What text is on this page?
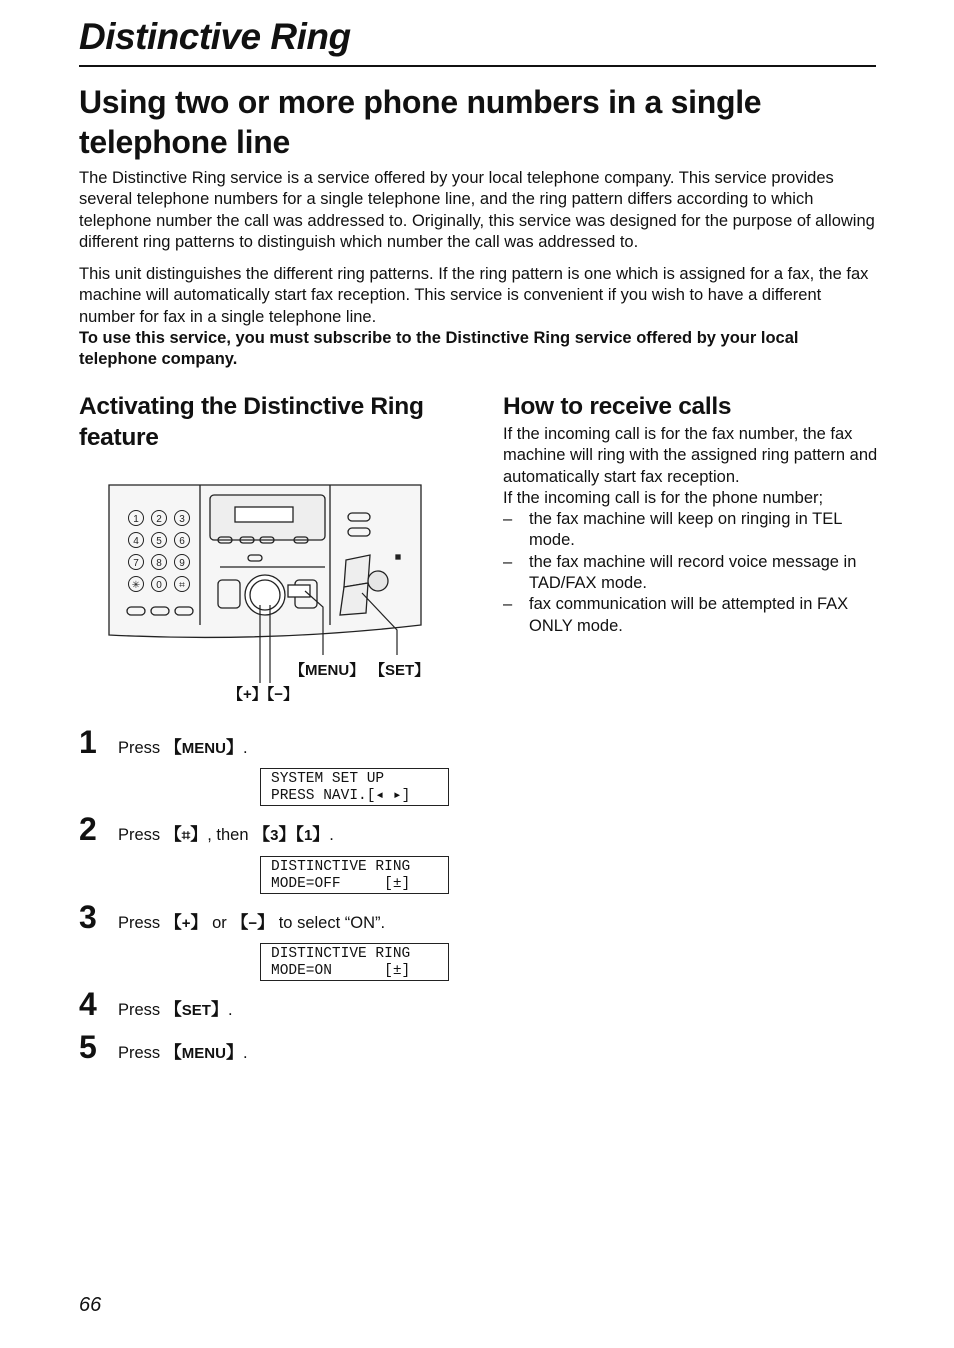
Distinctive Ring
Using two or more phone numbers in a single telephone line

The Distinctive Ring service is a service offered by your local telephone company. This service provides several telephone numbers for a single telephone line, and the ring pattern differs according to which telephone number the call was addressed to. Originally, this service was designed for the purpose of allowing different ring patterns to distinguish which number the call was addressed to.

This unit distinguishes the different ring patterns. If the ring pattern is one which is assigned for a fax, the fax machine will automatically start fax reception. This service is convenient if you wish to have a different number for fax in a single telephone line.
To use this service, you must subscribe to the Distinctive Ring service offered by your local telephone company.

Activating the Distinctive Ring feature
1 2 3
4 5 6
7 8 9
✳ 0 ⌗
【MENU】 【SET】
【+】【−】
1 Press 【MENU】.
SYSTEM SET UP
PRESS NAVI.[◂ ▸]
2 Press 【⌗】, then 【3】【1】.
DISTINCTIVE RING
MODE=OFF     [±]
3 Press 【+】 or 【−】 to select “ON”.
DISTINCTIVE RING
MODE=ON      [±]
4 Press 【SET】.
5 Press 【MENU】.
How to receive calls

If the incoming call is for the fax number, the fax machine will ring with the assigned ring pattern and automatically start fax reception.

If the incoming call is for the phone number;

– the fax machine will keep on ringing in TEL mode.
– the fax machine will record voice message in TAD/FAX mode.
– fax communication will be attempted in FAX ONLY mode.
66
